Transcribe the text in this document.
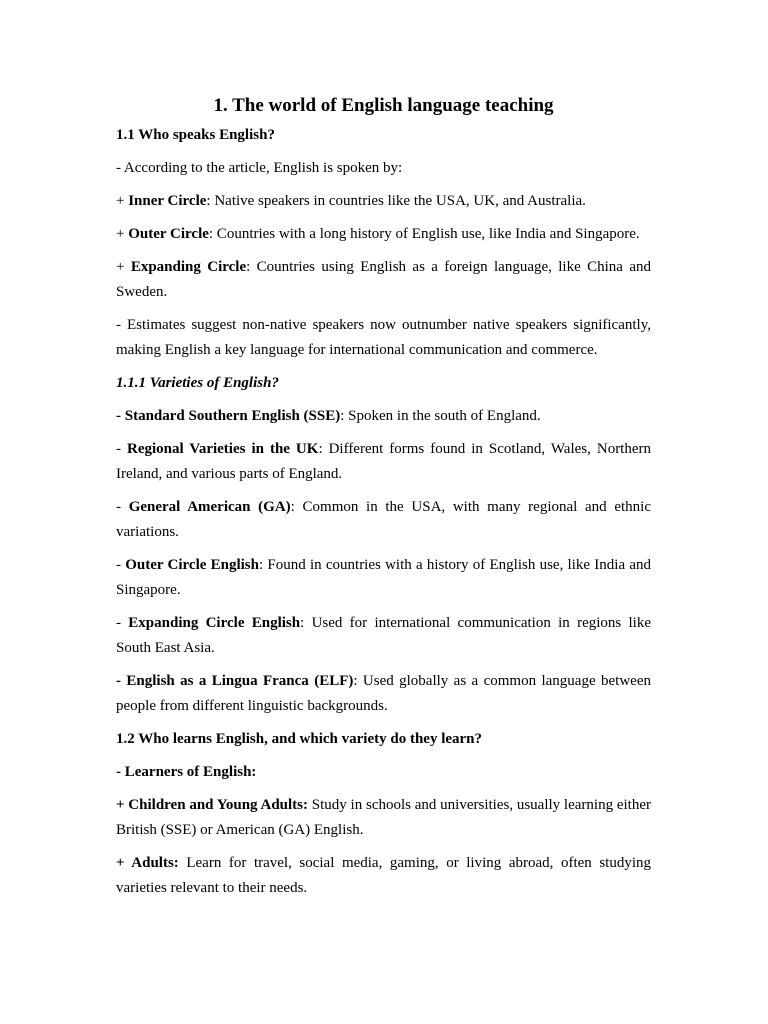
1. The world of English language teaching

1.1 Who speaks English?

- According to the article, English is spoken by:

+ Inner Circle: Native speakers in countries like the USA, UK, and Australia.

+ Outer Circle: Countries with a long history of English use, like India and Singapore.

+ Expanding Circle: Countries using English as a foreign language, like China and Sweden.

- Estimates suggest non-native speakers now outnumber native speakers significantly, making English a key language for international communication and commerce.

1.1.1 Varieties of English?

- Standard Southern English (SSE): Spoken in the south of England.

- Regional Varieties in the UK: Different forms found in Scotland, Wales, Northern Ireland, and various parts of England.

- General American (GA): Common in the USA, with many regional and ethnic variations.

- Outer Circle English: Found in countries with a history of English use, like India and Singapore.

- Expanding Circle English: Used for international communication in regions like South East Asia.

- English as a Lingua Franca (ELF): Used globally as a common language between people from different linguistic backgrounds.

1.2 Who learns English, and which variety do they learn?

- Learners of English:

+ Children and Young Adults: Study in schools and universities, usually learning either British (SSE) or American (GA) English.

+ Adults: Learn for travel, social media, gaming, or living abroad, often studying varieties relevant to their needs.
